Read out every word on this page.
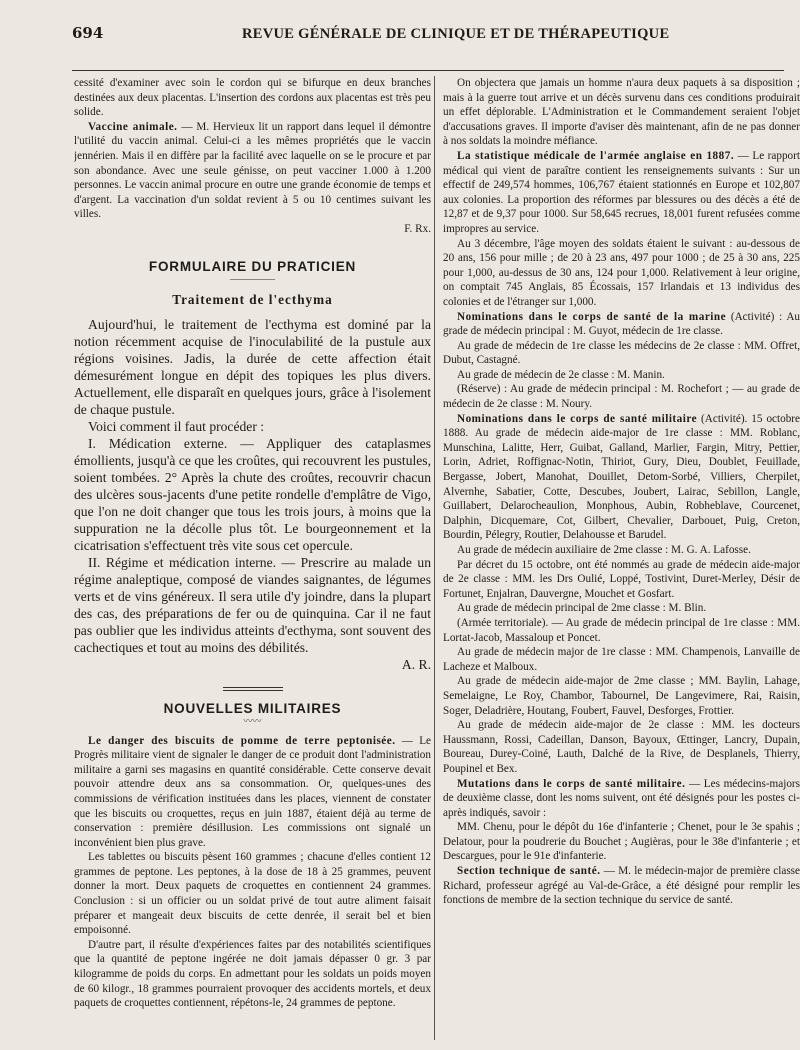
694	REVUE GÉNÉRALE DE CLINIQUE ET DE THÉRAPEUTIQUE

cessité d'examiner avec soin le cordon qui se bifurque en deux branches destinées aux deux placentas. L'insertion des cordons aux placentas est très peu solide.

Vaccine animale. — M. Hervieux lit un rapport dans lequel il démontre l'utilité du vaccin animal. Celui-ci a les mêmes propriétés que le vaccin jennérien. Mais il en diffère par la facilité avec laquelle on se le procure et par son abondance. Avec une seule génisse, on peut vacciner 1.000 à 1.200 personnes. Le vaccin animal procure en outre une grande économie de temps et d'argent. La vaccination d'un soldat revient à 5 ou 10 centimes suivant les villes.

F. Rx.

FORMULAIRE DU PRATICIEN
—————
Traitement de l'ecthyma

Aujourd'hui, le traitement de l'ecthyma est dominé par la notion récemment acquise de l'inoculabilité de la pustule aux régions voisines. Jadis, la durée de cette affection était démesurément longue en dépit des topiques les plus divers. Actuellement, elle disparaît en quelques jours, grâce à l'isolement de chaque pustule.

Voici comment il faut procéder :

I. Médication externe. — Appliquer des cataplasmes émollients, jusqu'à ce que les croûtes, qui recouvrent les pustules, soient tombées. 2° Après la chute des croûtes, recouvrir chacun des ulcères sous-jacents d'une petite rondelle d'emplâtre de Vigo, que l'on ne doit changer que tous les trois jours, à moins que la suppuration ne la décolle plus tôt. Le bourgeonnement et la cicatrisation s'effectuent très vite sous cet opercule.

II. Régime et médication interne. — Prescrire au malade un régime analeptique, composé de viandes saignantes, de légumes verts et de vins généreux. Il sera utile d'y joindre, dans la plupart des cas, des préparations de fer ou de quinquina. Car il ne faut pas oublier que les individus atteints d'ecthyma, sont souvent des cachectiques et tout au moins des débilités.

A. R.

NOUVELLES MILITAIRES
〰〰

Le danger des biscuits de pomme de terre peptonisée. — Le Progrès militaire vient de signaler le danger de ce produit dont l'administration militaire a garni ses magasins en quantité considérable. Cette conserve devait pouvoir attendre deux ans sa consommation. Or, quelques-unes des commissions de vérification instituées dans les places, viennent de constater que les biscuits ou croquettes, reçus en juin 1887, étaient déjà au terme de conservation : première désillusion. Les commissions ont signalé un inconvénient bien plus grave.

Les tablettes ou biscuits pèsent 160 grammes ; chacune d'elles contient 12 grammes de peptone. Les peptones, à la dose de 18 à 25 grammes, peuvent donner la mort. Deux paquets de croquettes en contiennent 24 grammes. Conclusion : si un officier ou un soldat privé de tout autre aliment faisait préparer et mangeait deux biscuits de cette denrée, il serait bel et bien empoisonné.

D'autre part, il résulte d'expériences faites par des notabilités scientifiques que la quantité de peptone ingérée ne doit jamais dépasser 0 gr. 3 par kilogramme de poids du corps. En admettant pour les soldats un poids moyen de 60 kilogr., 18 grammes pourraient provoquer des accidents mortels, et deux paquets de croquettes contiennent, répétons-le, 24 grammes de peptone.

On objectera que jamais un homme n'aura deux paquets à sa disposition ; mais à la guerre tout arrive et un décès survenu dans ces conditions produirait un effet déplorable. L'Administration et le Commandement seraient l'objet d'accusations graves. Il importe d'aviser dès maintenant, afin de ne pas donner à nos soldats la moindre méfiance.

La statistique médicale de l'armée anglaise en 1887. — Le rapport médical qui vient de paraître contient les renseignements suivants : Sur un effectif de 249,574 hommes, 106,767 étaient stationnés en Europe et 102,807 aux colonies. La proportion des réformes par blessures ou des décès a été de 12,87 et de 9,37 pour 1000. Sur 58,645 recrues, 18,001 furent refusées comme impropres au service.

Au 3 décembre, l'âge moyen des soldats étaient le suivant : au-dessous de 20 ans, 156 pour mille ; de 20 à 23 ans, 497 pour 1000 ; de 25 à 30 ans, 225 pour 1,000, au-dessus de 30 ans, 124 pour 1,000. Relativement à leur origine, on comptait 745 Anglais, 85 Écossais, 157 Irlandais et 13 individus des colonies et de l'étranger sur 1,000.

Nominations dans le corps de santé de la marine (Activité) : Au grade de médecin principal : M. Guyot, médecin de 1re classe.

Au grade de médecin de 1re classe les médecins de 2e classe : MM. Offret, Dubut, Castagné.

Au grade de médecin de 2e classe : M. Manin.

(Réserve) : Au grade de médecin principal : M. Rochefort ; — au grade de médecin de 2e classe : M. Noury.

Nominations dans le corps de santé militaire (Activité). 15 octobre 1888. Au grade de médecin aide-major de 1re classe : MM. Roblanc, Munschina, Lalitte, Herr, Guibat, Galland, Marlier, Fargin, Mitry, Pettier, Lorin, Adriet, Roffignac-Notin, Thiriot, Gury, Dieu, Doublet, Feuillade, Bergasse, Jobert, Manohat, Douillet, Detom-Sorbé, Villiers, Cherpilet, Alvernhe, Sabatier, Cotte, Descubes, Joubert, Lairac, Sebillon, Langle, Guillabert, Delarocheaulion, Monphous, Aubin, Robheblave, Courcenet, Dalphin, Dicquemare, Cot, Gilbert, Chevalier, Darbouet, Puig, Creton, Bourdin, Pélegry, Routier, Delahousse et Barudel.

Au grade de médecin auxiliaire de 2me classe : M. G. A. Lafosse.

Par décret du 15 octobre, ont été nommés au grade de médecin aide-major de 2e classe : MM. les Drs Oulié, Loppé, Tostivint, Duret-Merley, Désir de Fortunet, Enjalran, Dauvergne, Mouchet et Gosfart.

Au grade de médecin principal de 2me classe : M. Blin.

(Armée territoriale). — Au grade de médecin principal de 1re classe : MM. Lortat-Jacob, Massaloup et Poncet.

Au grade de médecin major de 1re classe : MM. Champenois, Lanvaille de Lacheze et Malboux.

Au grade de médecin aide-major de 2me classe ; MM. Baylin, Lahage, Semelaigne, Le Roy, Chambor, Tabournel, De Langevimere, Rai, Raisin, Soger, Deladrière, Houtang, Foubert, Fauvel, Desforges, Frottier.

Au grade de médecin aide-major de 2e classe : MM. les docteurs Haussmann, Rossi, Cadeillan, Danson, Bayoux, Œttinger, Lancry, Dupain, Boureau, Durey-Coiné, Lauth, Dalché de la Rive, de Desplanels, Thierry, Poupinel et Bex.

Mutations dans le corps de santé militaire. — Les médecins-majors de deuxième classe, dont les noms suivent, ont été désignés pour les postes ci-après indiqués, savoir :

MM. Chenu, pour le dépôt du 16e d'infanterie ; Chenet, pour le 3e spahis ; Delatour, pour la poudrerie du Bouchet ; Augièras, pour le 38e d'infanterie ; et Descargues, pour le 91e d'infanterie.

Section technique de santé. — M. le médecin-major de première classe Richard, professeur agrégé au Val-de-Grâce, a été désigné pour remplir les fonctions de membre de la section technique du service de santé.
